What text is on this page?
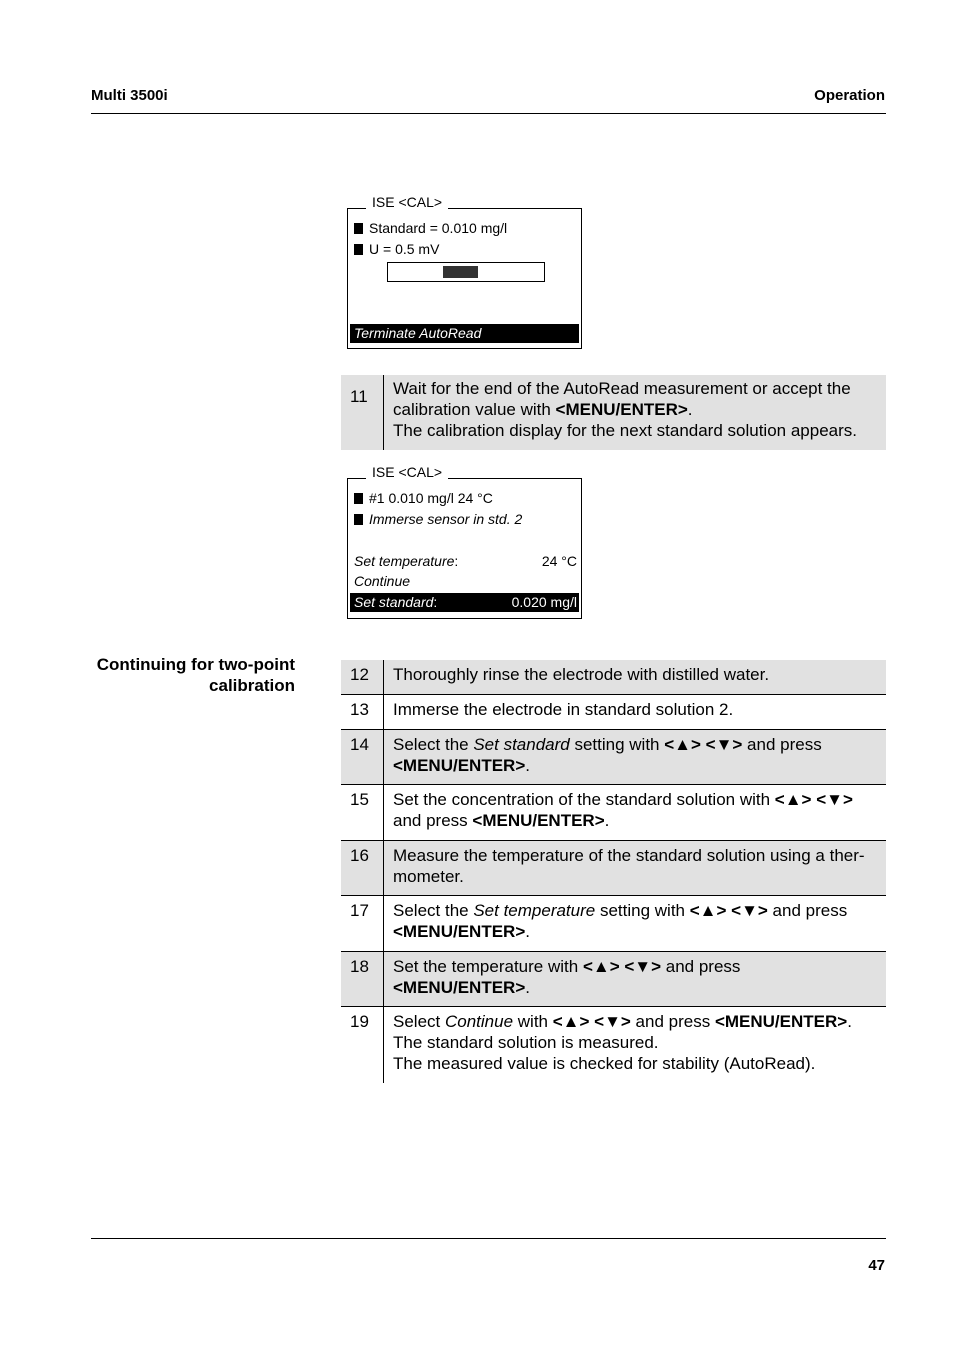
Multi 3500i	Operation
ISE <CAL>
Standard = 0.010 mg/l
U = 0.5 mV
Terminate AutoRead
11	Wait for the end of the AutoRead measurement or accept the calibration value with <MENU/ENTER>.
The calibration display for the next standard solution appears.
ISE <CAL>
#1 0.010 mg/l 24 °C
Immerse sensor in std. 2
Set temperature:	24 °C
Continue
Set standard:	0.020 mg/l
Continuing for two-point
calibration
12	Thoroughly rinse the electrode with distilled water.
13	Immerse the electrode in standard solution 2.
14	Select the Set standard setting with <▲> <▼> and press
<MENU/ENTER>.
15	Set the concentration of the standard solution with <▲> <▼>
and press <MENU/ENTER>.
16	Measure the temperature of the standard solution using a ther-mometer.
17	Select the Set temperature setting with <▲> <▼> and press
<MENU/ENTER>.
18	Set the temperature with <▲> <▼> and press
<MENU/ENTER>.
19	Select Continue with <▲> <▼> and press <MENU/ENTER>.
The standard solution is measured.
The measured value is checked for stability (AutoRead).
47
